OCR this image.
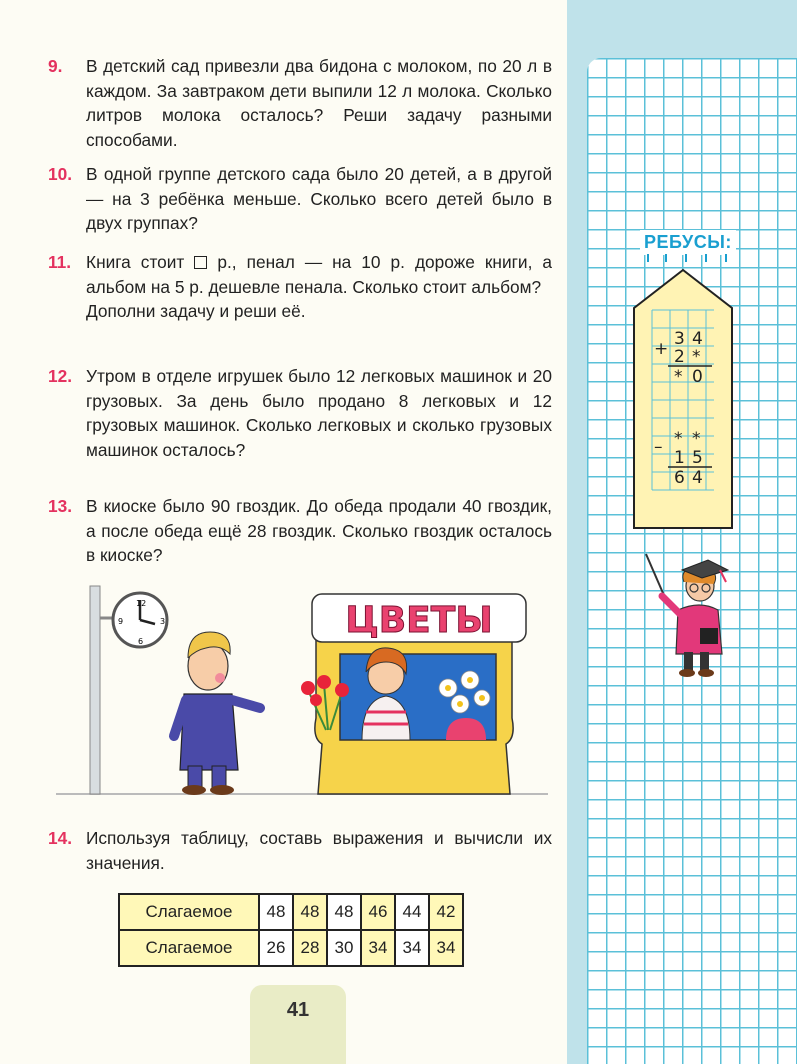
РЕБУСЫ:
+ 3 4
2 *
* 0
– * *
1 5
6 4
9. В детский сад привезли два бидона с молоком, по 20 л в каждом. За завтраком дети выпили 12 л молока. Сколько литров молока осталось? Реши задачу разными способами.
10. В одной группе детского сада было 20 детей, а в другой — на 3 ребёнка меньше. Сколько всего детей было в двух группах?
11. Книга стоит р., пенал — на 10 р. дороже книги, а альбом на 5 р. дешевле пенала. Сколько стоит альбом?
Дополни задачу и реши её.
12. Утром в отделе игрушек было 12 легковых машинок и 20 грузовых. За день было продано 8 легковых и 12 грузовых машинок. Сколько легковых и сколько грузовых машинок осталось?
13. В киоске было 90 гвоздик. До обеда продали 40 гвоздик, а после обеда ещё 28 гвоздик. Сколько гвоздик осталось в киоске?
12
3
6
9	ЦВЕТЫ
14. Используя таблицу, составь выражения и вычисли их значения.
Слагаемое	48	48	48	46	44	42
Слагаемое	26	28	30	34	34	34
41
